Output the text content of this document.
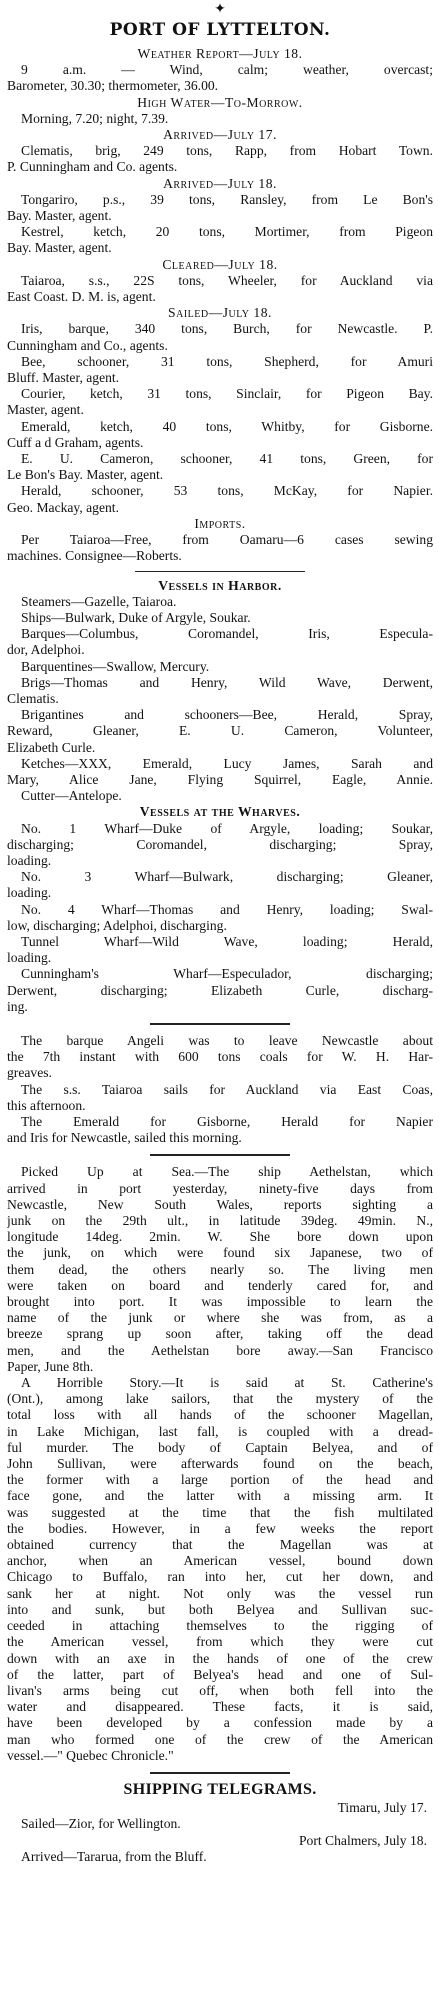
✦
PORT OF LYTTELTON.
Weather Report—July 18.
9 a.m. — Wind, calm; weather, overcast;
Barometer, 30.30; thermometer, 36.00.
High Water—To-Morrow.
Morning, 7.20; night, 7.39.
Arrived—July 17.
Clematis, brig, 249 tons, Rapp, from Hobart Town.
P. Cunningham and Co. agents.
Arrived—July 18.
Tongariro, p.s., 39 tons, Ransley, from Le Bon's
Bay. Master, agent.
Kestrel, ketch, 20 tons, Mortimer, from Pigeon
Bay. Master, agent.
Cleared—July 18.
Taiaroa, s.s., 22S tons, Wheeler, for Auckland via
East Coast. D. M. is, agent.
Sailed—July 18.
Iris, barque, 340 tons, Burch, for Newcastle. P.
Cunningham and Co., agents.
Bee, schooner, 31 tons, Shepherd, for Amuri
Bluff. Master, agent.
Courier, ketch, 31 tons, Sinclair, for Pigeon Bay.
Master, agent.
Emerald, ketch, 40 tons, Whitby, for Gisborne.
Cuff a d Graham, agents.
E. U. Cameron, schooner, 41 tons, Green, for
Le Bon's Bay. Master, agent.
Herald, schooner, 53 tons, McKay, for Napier.
Geo. Mackay, agent.
Imports.
Per Taiaroa—Free, from Oamaru—6 cases sewing
machines. Consignee—Roberts.
Vessels in Harbor.
Steamers—Gazelle, Taiaroa.
Ships—Bulwark, Duke of Argyle, Soukar.
Barques—Columbus, Coromandel, Iris, Especula-
dor, Adelphoi.
Barquentines—Swallow, Mercury.
Brigs—Thomas and Henry, Wild Wave, Derwent,
Clematis.
Brigantines and schooners—Bee, Herald, Spray,
Reward, Gleaner, E. U. Cameron, Volunteer,
Elizabeth Curle.
Ketches—XXX, Emerald, Lucy James, Sarah and
Mary, Alice Jane, Flying Squirrel, Eagle, Annie.
Cutter—Antelope.
Vessels at the Wharves.
No. 1 Wharf—Duke of Argyle, loading; Soukar,
discharging; Coromandel, discharging; Spray,
loading.
No. 3 Wharf—Bulwark, discharging; Gleaner,
loading.
No. 4 Wharf—Thomas and Henry, loading; Swal-
low, discharging; Adelphoi, discharging.
Tunnel Wharf—Wild Wave, loading; Herald,
loading.
Cunningham's Wharf—Especulador, discharging;
Derwent, discharging; Elizabeth Curle, discharg-
ing.
The barque Angeli was to leave Newcastle about
the 7th instant with 600 tons coals for W. H. Har-
greaves.
The s.s. Taiaroa sails for Auckland via East Coas,
this afternoon.
The Emerald for Gisborne, Herald for Napier
and Iris for Newcastle, sailed this morning.
Picked Up at Sea.—The ship Aethelstan, which
arrived in port yesterday, ninety-five days from
Newcastle, New South Wales, reports sighting a
junk on the 29th ult., in latitude 39deg. 49min. N.,
longitude 14deg. 2min. W. She bore down upon
the junk, on which were found six Japanese, two of
them dead, the others nearly so. The living men
were taken on board and tenderly cared for, and
brought into port. It was impossible to learn the
name of the junk or where she was from, as a
breeze sprang up soon after, taking off the dead
men, and the Aethelstan bore away.—San Francisco
Paper, June 8th.
A Horrible Story.—It is said at St. Catherine's
(Ont.), among lake sailors, that the mystery of the
total loss with all hands of the schooner Magellan,
in Lake Michigan, last fall, is coupled with a dread-
ful murder. The body of Captain Belyea, and of
John Sullivan, were afterwards found on the beach,
the former with a large portion of the head and
face gone, and the latter with a missing arm. It
was suggested at the time that the fish multilated
the bodies. However, in a few weeks the report
obtained currency that the Magellan was at
anchor, when an American vessel, bound down
Chicago to Buffalo, ran into her, cut her down, and
sank her at night. Not only was the vessel run
into and sunk, but both Belyea and Sullivan suc-
ceeded in attaching themselves to the rigging of
the American vessel, from which they were cut
down with an axe in the hands of one of the crew
of the latter, part of Belyea's head and one of Sul-
livan's arms being cut off, when both fell into the
water and disappeared. These facts, it is said,
have been developed by a confession made by a
man who formed one of the crew of the American
vessel.—" Quebec Chronicle."
SHIPPING TELEGRAMS.
Timaru, July 17.
Sailed—Zior, for Wellington.
Port Chalmers, July 18.
Arrived—Tararua, from the Bluff.
